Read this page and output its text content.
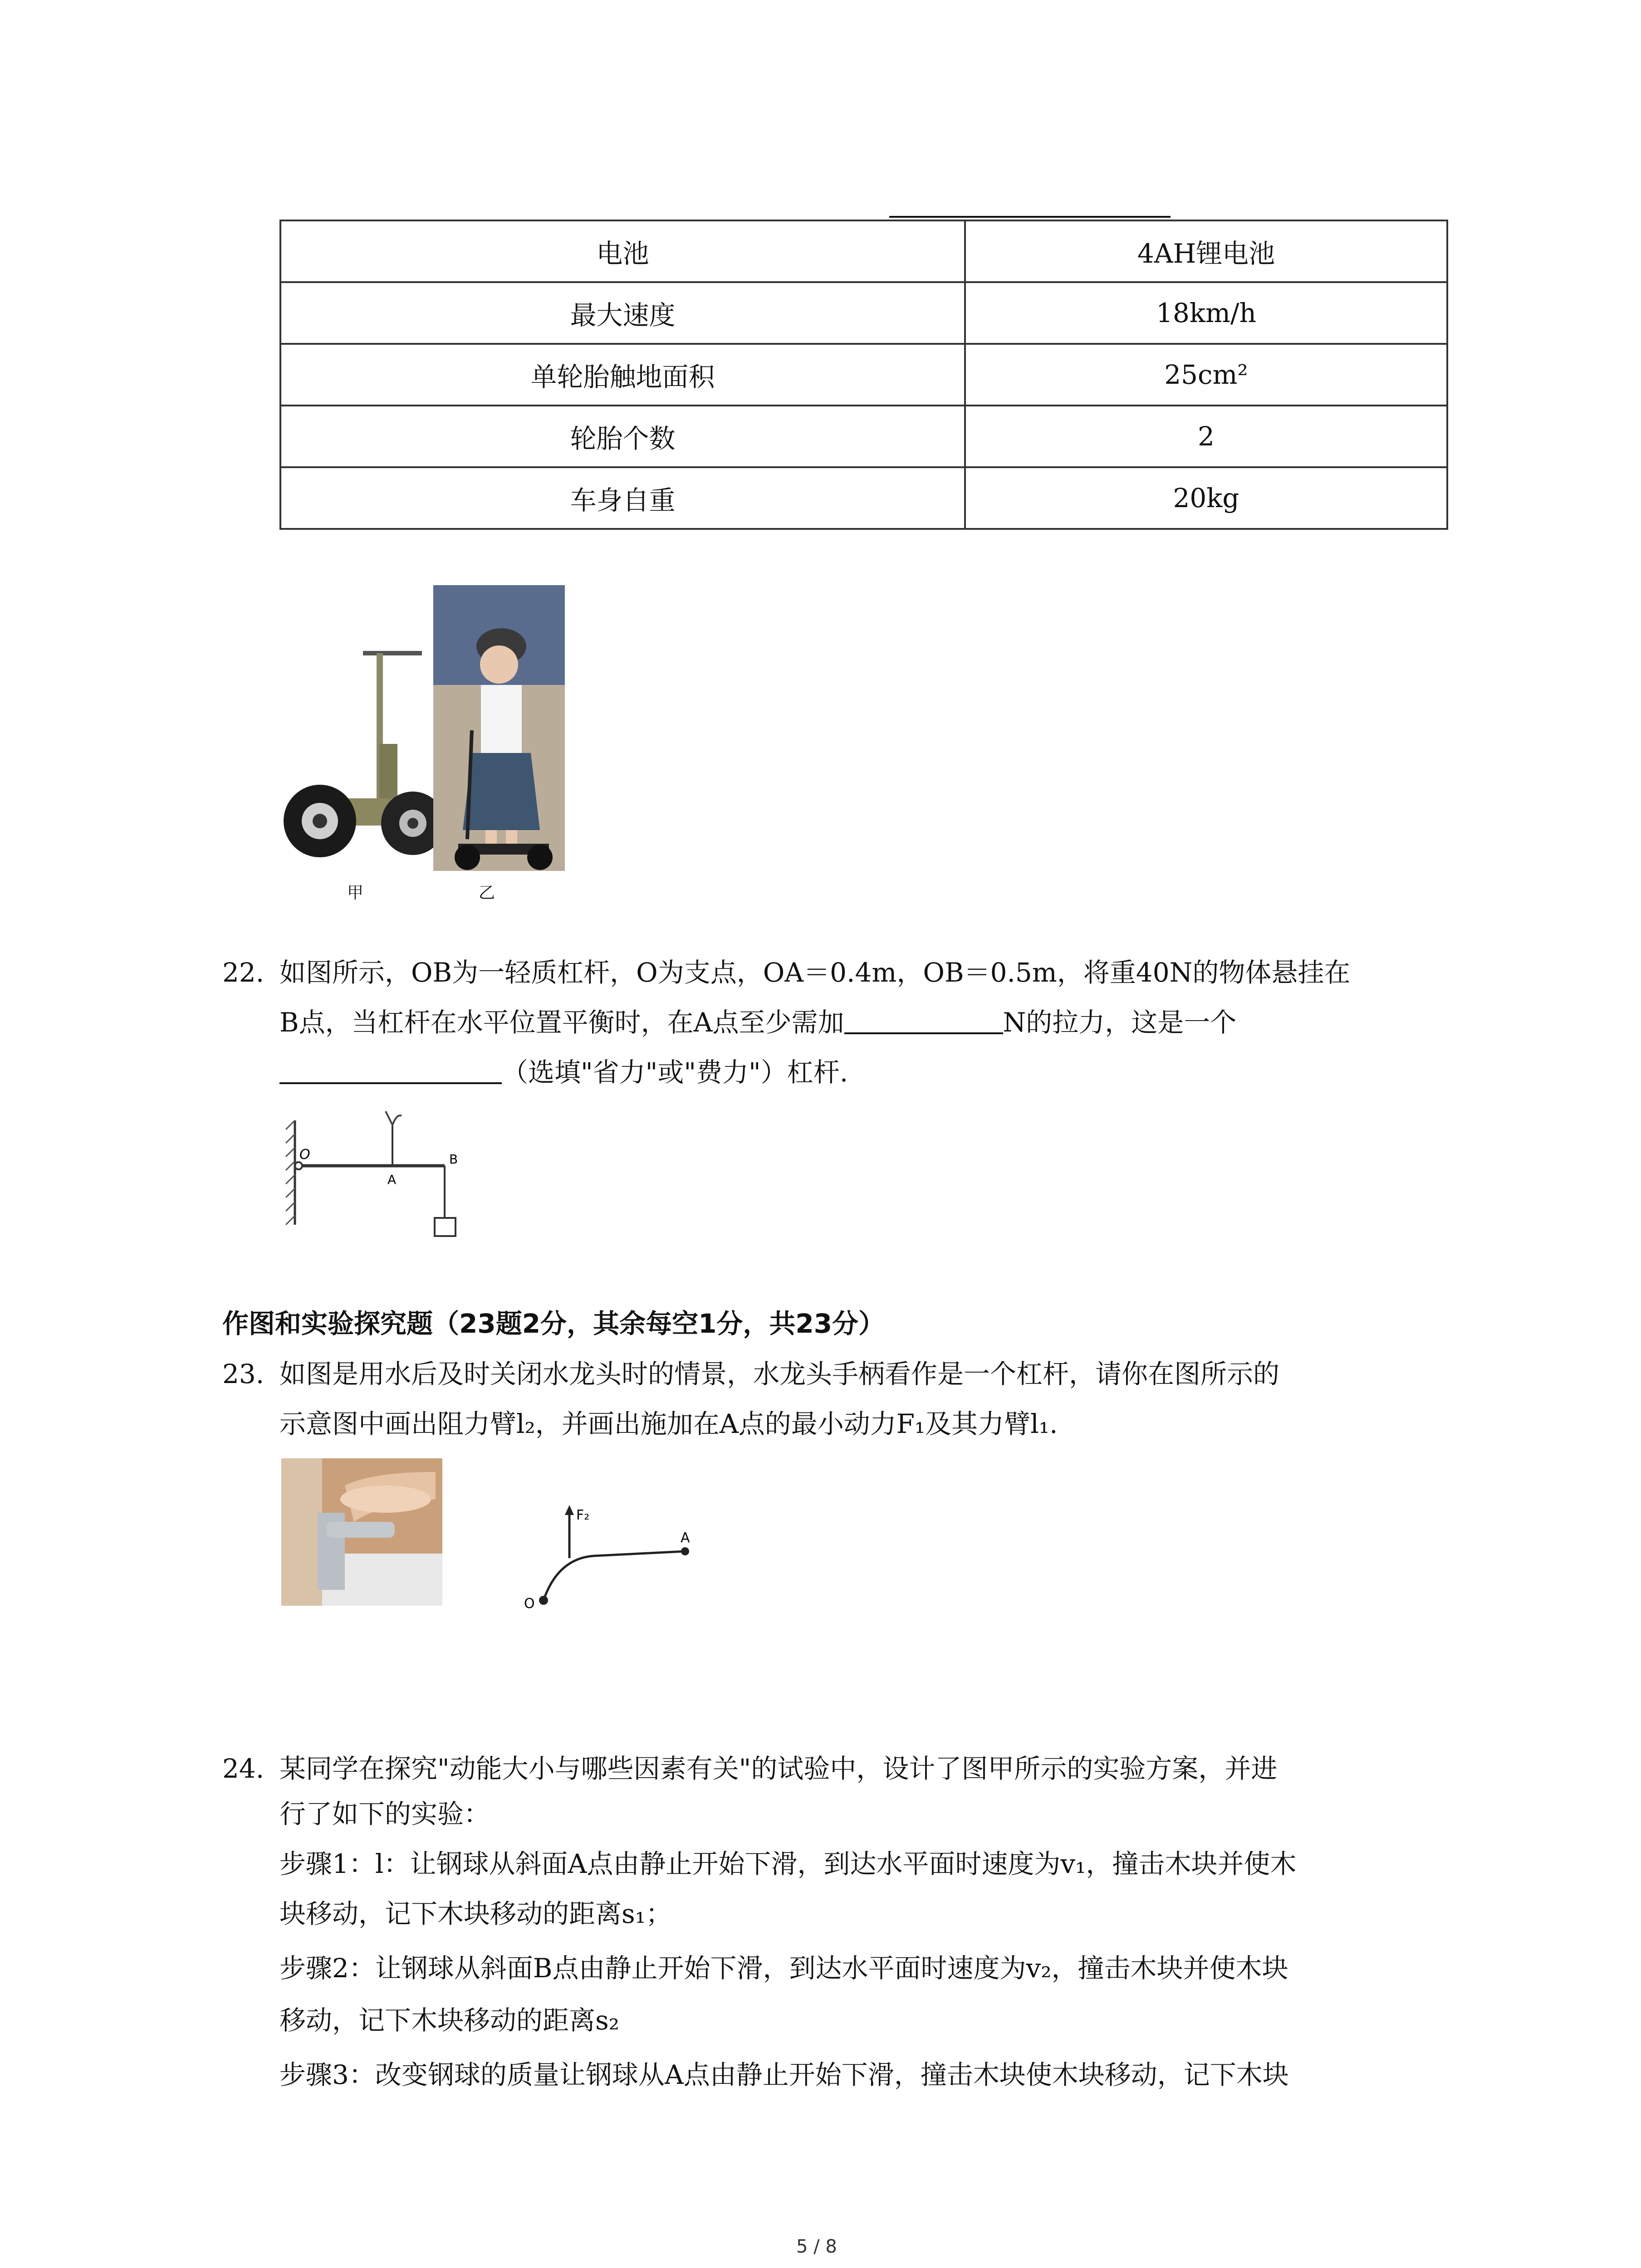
电池	4AH锂电池
最大速度	18km/h
单轮胎触地面积	25cm²
轮胎个数	2
车身自重	20kg
甲	乙
22. 如图所示，OB为一轻质杠杆，O为支点，OA＝0.4m，OB＝0.5m，将重40N的物体悬挂在
B点，当杠杆在水平位置平衡时，在A点至少需加	N的拉力，这是一个
（选填"省力"或"费力"）杠杆.
O
A
B
作图和实验探究题（23题2分，其余每空1分，共23分）
23. 如图是用水后及时关闭水龙头时的情景，水龙头手柄看作是一个杠杆，请你在图所示的
示意图中画出阻力臂l₂，并画出施加在A点的最小动力F₁及其力臂l₁.
F₂
A
O
24. 某同学在探究"动能大小与哪些因素有关"的试验中，设计了图甲所示的实验方案，并进
行了如下的实验：
步骤1：l：让钢球从斜面A点由静止开始下滑，到达水平面时速度为v₁，撞击木块并使木
块移动，记下木块移动的距离s₁；
步骤2：让钢球从斜面B点由静止开始下滑，到达水平面时速度为v₂，撞击木块并使木块
移动，记下木块移动的距离s₂
步骤3：改变钢球的质量让钢球从A点由静止开始下滑，撞击木块使木块移动，记下木块
5 / 8
